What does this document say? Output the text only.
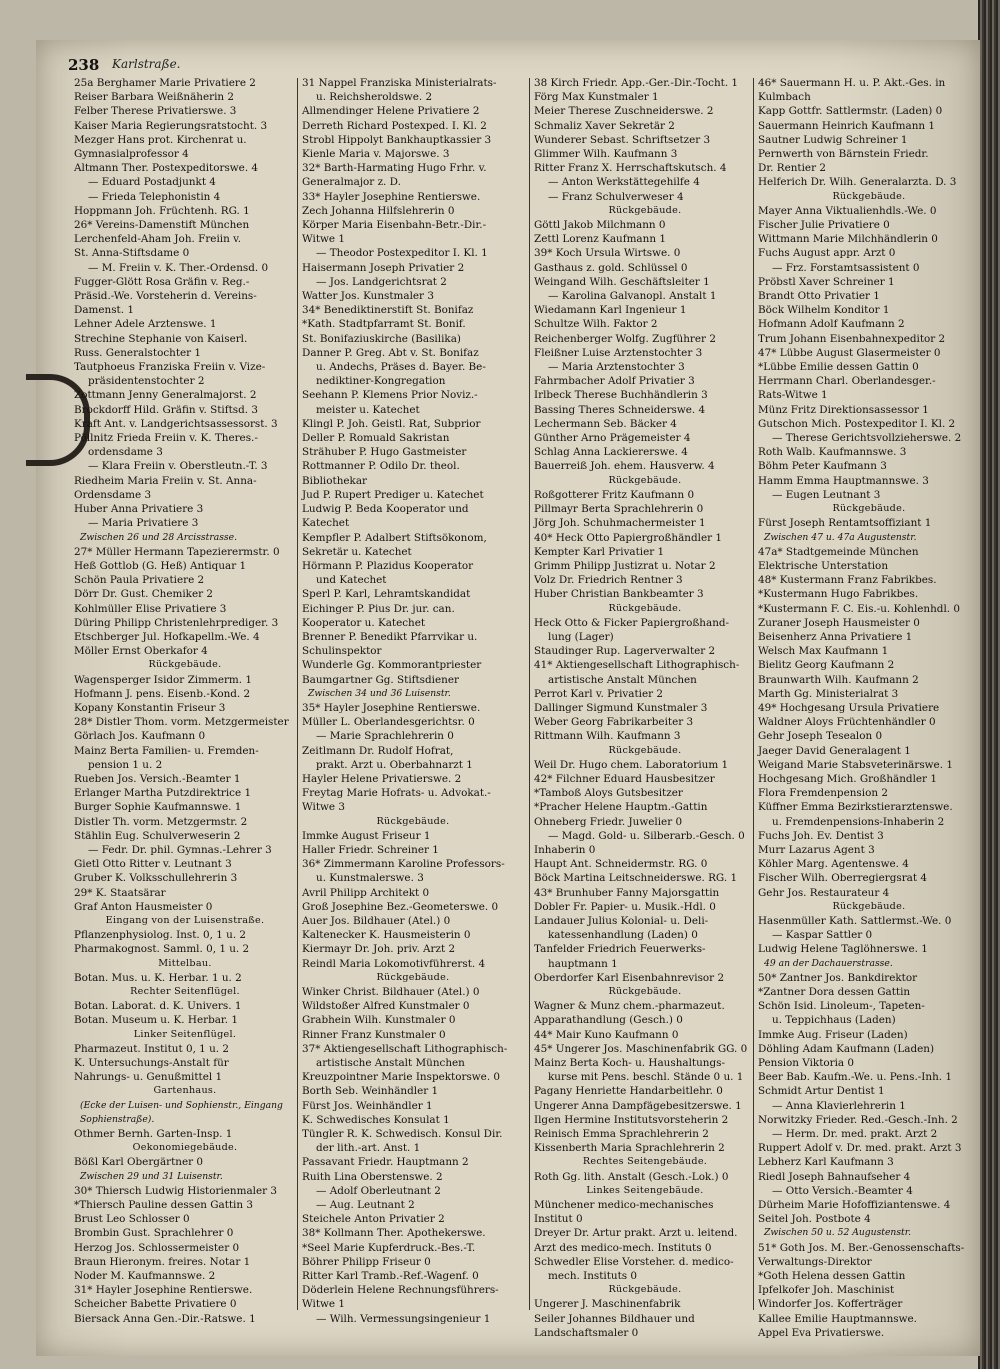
238 Karlstraße.
25a Berghamer Marie Privatiere 2
Reiser Barbara Weißnäherin 2
Felber Therese Privatierswe. 3
Kaiser Maria Regierungsratstocht. 3
Mezger Hans prot. Kirchenrat u.
Gymnasialprofessor 4
Altmann Ther. Postexpeditorswe. 4
— Eduard Postadjunkt 4
— Frieda Telephonistin 4
Hoppmann Joh. Früchtenh. RG. 1
26* Vereins-Damenstift München
Lerchenfeld-Aham Joh. Freiin v.
St. Anna-Stiftsdame 0
— M. Freiin v. K. Ther.-Ordensd. 0
Fugger-Glött Rosa Gräfin v. Reg.-
Präsid.-We. Vorsteherin d. Vereins-
Damenst. 1
Lehner Adele Arztenswe. 1
Strechine Stephanie von Kaiserl.
Russ. Generalstochter 1
Tautphoeus Franziska Freiin v. Vize-
präsidentenstochter 2
Zottmann Jenny Generalmajorst. 2
Brockdorff Hild. Gräfin v. Stiftsd. 3
Kraft Ant. v. Landgerichtsassessorst. 3
Pöllnitz Frieda Freiin v. K. Theres.-
ordensdame 3
— Klara Freiin v. Oberstleutn.-T. 3
Riedheim Maria Freiin v. St. Anna-
Ordensdame 3
Huber Anna Privatiere 3
— Maria Privatiere 3
Zwischen 26 und 28 Arcisstrasse.
27* Müller Hermann Tapezierermstr. 0
Heß Gottlob (G. Heß) Antiquar 1
Schön Paula Privatiere 2
Dörr Dr. Gust. Chemiker 2
Kohlmüller Elise Privatiere 3
Düring Philipp Christenlehrprediger. 3
Etschberger Jul. Hofkapellm.-We. 4
Möller Ernst Oberkafor 4
Rückgebäude.
Wagensperger Isidor Zimmerm. 1
Hofmann J. pens. Eisenb.-Kond. 2
Kopany Konstantin Friseur 3
28* Distler Thom. vorm. Metzgermeister
Görlach Jos. Kaufmann 0
Mainz Berta Familien- u. Fremden-
pension 1 u. 2
Rueben Jos. Versich.-Beamter 1
Erlanger Martha Putzdirektrice 1
Burger Sophie Kaufmannswe. 1
Distler Th. vorm. Metzgermstr. 2
Stählin Eug. Schulverweserin 2
— Fedr. Dr. phil. Gymnas.-Lehrer 3
Gietl Otto Ritter v. Leutnant 3
Gruber K. Volksschullehrerin 3
29* K. Staatsärar
Graf Anton Hausmeister 0
Eingang von der Luisenstraße.
Pflanzenphysiolog. Inst. 0, 1 u. 2
Pharmakognost. Samml. 0, 1 u. 2
Mittelbau.
Botan. Mus. u. K. Herbar. 1 u. 2
Rechter Seitenflügel.
Botan. Laborat. d. K. Univers. 1
Botan. Museum u. K. Herbar. 1
Linker Seitenflügel.
Pharmazeut. Institut 0, 1 u. 2
K. Untersuchungs-Anstalt für
Nahrungs- u. Genußmittel 1
Gartenhaus.
(Ecke der Luisen- und Sophienstr., Eingang
Sophienstraße).
Othmer Bernh. Garten-Insp. 1
Oekonomiegebäude.
Bößl Karl Obergärtner 0
Zwischen 29 und 31 Luisenstr.
30* Thiersch Ludwig Historienmaler 3
*Thiersch Pauline dessen Gattin 3
Brust Leo Schlosser 0
Brombin Gust. Sprachlehrer 0
Herzog Jos. Schlossermeister 0
Braun Hieronym. freires. Notar 1
Noder M. Kaufmannswe. 2
31* Hayler Josephine Rentierswe.
Scheicher Babette Privatiere 0
Biersack Anna Gen.-Dir.-Ratswe. 1
31 Nappel Franziska Ministerialrats-
u. Reichsheroldswe. 2
Allmendinger Helene Privatiere 2
Derreth Richard Postexped. I. Kl. 2
Strobl Hippolyt Bankhauptkassier 3
Kienle Maria v. Majorswe. 3
32* Barth-Harmating Hugo Frhr. v.
Generalmajor z. D.
33* Hayler Josephine Rentierswe.
Zech Johanna Hilfslehrerin 0
Körper Maria Eisenbahn-Betr.-Dir.-
Witwe 1
— Theodor Postexpeditor I. Kl. 1
Haisermann Joseph Privatier 2
— Jos. Landgerichtsrat 2
Watter Jos. Kunstmaler 3
34* Benediktinerstift St. Bonifaz
*Kath. Stadtpfarramt St. Bonif.
St. Bonifaziuskirche (Basilika)
Danner P. Greg. Abt v. St. Bonifaz
u. Andechs, Präses d. Bayer. Be-
nediktiner-Kongregation
Seehann P. Klemens Prior Noviz.-
meister u. Katechet
Klingl P. Joh. Geistl. Rat, Subprior
Deller P. Romuald Sakristan
Strähuber P. Hugo Gastmeister
Rottmanner P. Odilo Dr. theol.
Bibliothekar
Jud P. Rupert Prediger u. Katechet
Ludwig P. Beda Kooperator und
Katechet
Kempfler P. Adalbert Stiftsökonom,
Sekretär u. Katechet
Hörmann P. Plazidus Kooperator
und Katechet
Sperl P. Karl, Lehramtskandidat
Eichinger P. Pius Dr. jur. can.
Kooperator u. Katechet
Brenner P. Benedikt Pfarrvikar u.
Schulinspektor
Wunderle Gg. Kommorantpriester
Baumgartner Gg. Stiftsdiener
Zwischen 34 und 36 Luisenstr.
35* Hayler Josephine Rentierswe.
Müller L. Oberlandesgerichtsr. 0
— Marie Sprachlehrerin 0
Zeitlmann Dr. Rudolf Hofrat,
prakt. Arzt u. Oberbahnarzt 1
Hayler Helene Privatierswe. 2
Freytag Marie Hofrats- u. Advokat.-
Witwe 3
Rückgebäude.
Immke August Friseur 1
Haller Friedr. Schreiner 1
36* Zimmermann Karoline Professors-
u. Kunstmalerswe. 3
Avril Philipp Architekt 0
Groß Josephine Bez.-Geometerswe. 0
Auer Jos. Bildhauer (Atel.) 0
Kaltenecker K. Hausmeisterin 0
Kiermayr Dr. Joh. priv. Arzt 2
Reindl Maria Lokomotivführerst. 4
Rückgebäude.
Winker Christ. Bildhauer (Atel.) 0
Wildstoßer Alfred Kunstmaler 0
Grabhein Wilh. Kunstmaler 0
Rinner Franz Kunstmaler 0
37* Aktiengesellschaft Lithographisch-
artistische Anstalt München
Kreuzpointner Marie Inspektorswe. 0
Borth Seb. Weinhändler 1
Fürst Jos. Weinhändler 1
K. Schwedisches Konsulat 1
Tüngler R. K. Schwedisch. Konsul Dir.
der lith.-art. Anst. 1
Passavant Friedr. Hauptmann 2
Ruith Lina Oberstenswe. 2
— Adolf Oberleutnant 2
— Aug. Leutnant 2
Steichele Anton Privatier 2
38* Kollmann Ther. Apothekerswe.
*Seel Marie Kupferdruck.-Bes.-T.
Böhrer Philipp Friseur 0
Ritter Karl Tramb.-Ref.-Wagenf. 0
Döderlein Helene Rechnungsführers-
Witwe 1
— Wilh. Vermessungsingenieur 1
38 Kirch Friedr. App.-Ger.-Dir.-Tocht. 1
Förg Max Kunstmaler 1
Meier Therese Zuschneiderswe. 2
Schmaliz Xaver Sekretär 2
Wunderer Sebast. Schriftsetzer 3
Glimmer Wilh. Kaufmann 3
Ritter Franz X. Herrschaftskutsch. 4
— Anton Werkstättegehilfe 4
— Franz Schulverweser 4
Rückgebäude.
Göttl Jakob Milchmann 0
Zettl Lorenz Kaufmann 1
39* Koch Ursula Wirtswe. 0
Gasthaus z. gold. Schlüssel 0
Weingand Wilh. Geschäftsleiter 1
— Karolina Galvanopl. Anstalt 1
Wiedamann Karl Ingenieur 1
Schultze Wilh. Faktor 2
Reichenberger Wolfg. Zugführer 2
Fleißner Luise Arztenstochter 3
— Maria Arztenstochter 3
Fahrmbacher Adolf Privatier 3
Irlbeck Therese Buchhändlerin 3
Bassing Theres Schneiderswe. 4
Lechermann Seb. Bäcker 4
Günther Arno Prägemeister 4
Schlag Anna Lackiererswe. 4
Bauerreiß Joh. ehem. Hausverw. 4
Rückgebäude.
Roßgotterer Fritz Kaufmann 0
Pillmayr Berta Sprachlehrerin 0
Jörg Joh. Schuhmachermeister 1
40* Heck Otto Papiergroßhändler 1
Kempter Karl Privatier 1
Grimm Philipp Justizrat u. Notar 2
Volz Dr. Friedrich Rentner 3
Huber Christian Bankbeamter 3
Rückgebäude.
Heck Otto & Ficker Papiergroßhand-
lung (Lager)
Staudinger Rup. Lagerverwalter 2
41* Aktiengesellschaft Lithographisch-
artistische Anstalt München
Perrot Karl v. Privatier 2
Dallinger Sigmund Kunstmaler 3
Weber Georg Fabrikarbeiter 3
Rittmann Wilh. Kaufmann 3
Rückgebäude.
Weil Dr. Hugo chem. Laboratorium 1
42* Filchner Eduard Hausbesitzer
*Tamboß Aloys Gutsbesitzer
*Pracher Helene Hauptm.-Gattin
Ohneberg Friedr. Juwelier 0
— Magd. Gold- u. Silberarb.-Gesch. 0
Inhaberin 0
Haupt Ant. Schneidermstr. RG. 0
Böck Martina Leitschneiderswe. RG. 1
43* Brunhuber Fanny Majorsgattin
Dobler Fr. Papier- u. Musik.-Hdl. 0
Landauer Julius Kolonial- u. Deli-
katessenhandlung (Laden) 0
Tanfelder Friedrich Feuerwerks-
hauptmann 1
Oberdorfer Karl Eisenbahnrevisor 2
Rückgebäude.
Wagner & Munz chem.-pharmazeut.
Apparathandlung (Gesch.) 0
44* Mair Kuno Kaufmann 0
45* Ungerer Jos. Maschinenfabrik GG. 0
Mainz Berta Koch- u. Haushaltungs-
kurse mit Pens. beschl. Stände 0 u. 1
Pagany Henriette Handarbeitlehr. 0
Ungerer Anna Dampfägebesitzerswe. 1
Ilgen Hermine Institutsvorsteherin 2
Reinisch Emma Sprachlehrerin 2
Kissenberth Maria Sprachlehrerin 2
Rechtes Seitengebäude.
Roth Gg. lith. Anstalt (Gesch.-Lok.) 0
Linkes Seitengebäude.
Münchener medico-mechanisches
Institut 0
Dreyer Dr. Artur prakt. Arzt u. leitend.
Arzt des medico-mech. Instituts 0
Schwedler Elise Vorsteher. d. medico-
mech. Instituts 0
Rückgebäude.
Ungerer J. Maschinenfabrik
Seiler Johannes Bildhauer und
Landschaftsmaler 0
46* Sauermann H. u. P. Akt.-Ges. in
Kulmbach
Kapp Gottfr. Sattlermstr. (Laden) 0
Sauermann Heinrich Kaufmann 1
Sautner Ludwig Schreiner 1
Pernwerth von Bärnstein Friedr.
Dr. Rentier 2
Helferich Dr. Wilh. Generalarzta. D. 3
Rückgebäude.
Mayer Anna Viktualienhdls.-We. 0
Fischer Julie Privatiere 0
Wittmann Marie Milchhändlerin 0
Fuchs August appr. Arzt 0
— Frz. Forstamtsassistent 0
Pröbstl Xaver Schreiner 1
Brandt Otto Privatier 1
Böck Wilhelm Konditor 1
Hofmann Adolf Kaufmann 2
Trum Johann Eisenbahnexpeditor 2
47* Lübbe August Glasermeister 0
*Lübbe Emilie dessen Gattin 0
Herrmann Charl. Oberlandesger.-
Rats-Witwe 1
Münz Fritz Direktionsassessor 1
Gutschon Mich. Postexpeditor I. Kl. 2
— Therese Gerichtsvollzieherswe. 2
Roth Walb. Kaufmannswe. 3
Böhm Peter Kaufmann 3
Hamm Emma Hauptmannswe. 3
— Eugen Leutnant 3
Rückgebäude.
Fürst Joseph Rentamtsoffiziant 1
Zwischen 47 u. 47a Augustenstr.
47a* Stadtgemeinde München
Elektrische Unterstation
48* Kustermann Franz Fabrikbes.
*Kustermann Hugo Fabrikbes.
*Kustermann F. C. Eis.-u. Kohlenhdl. 0
Zuraner Joseph Hausmeister 0
Beisenherz Anna Privatiere 1
Welsch Max Kaufmann 1
Bielitz Georg Kaufmann 2
Braunwarth Wilh. Kaufmann 2
Marth Gg. Ministerialrat 3
49* Hochgesang Ursula Privatiere
Waldner Aloys Früchtenhändler 0
Gehr Joseph Tesealon 0
Jaeger David Generalagent 1
Weigand Marie Stabsveterinärswe. 1
Hochgesang Mich. Großhändler 1
Flora Fremdenpension 2
Küffner Emma Bezirkstierarztenswe.
u. Fremdenpensions-Inhaberin 2
Fuchs Joh. Ev. Dentist 3
Murr Lazarus Agent 3
Köhler Marg. Agentenswe. 4
Fischer Wilh. Oberregiergsrat 4
Gehr Jos. Restaurateur 4
Rückgebäude.
Hasenmüller Kath. Sattlermst.-We. 0
— Kaspar Sattler 0
Ludwig Helene Taglöhnerswe. 1
49 an der Dachauerstrasse.
50* Zantner Jos. Bankdirektor
*Zantner Dora dessen Gattin
Schön Isid. Linoleum-, Tapeten-
u. Teppichhaus (Laden)
Immke Aug. Friseur (Laden)
Döhling Adam Kaufmann (Laden)
Pension Viktoria 0
Beer Bab. Kaufm.-We. u. Pens.-Inh. 1
Schmidt Artur Dentist 1
— Anna Klavierlehrerin 1
Norwitzky Frieder. Red.-Gesch.-Inh. 2
— Herm. Dr. med. prakt. Arzt 2
Ruppert Adolf v. Dr. med. prakt. Arzt 3
Lebherz Karl Kaufmann 3
Riedl Joseph Bahnaufseher 4
— Otto Versich.-Beamter 4
Dürheim Marie Hofoffiziantenswe. 4
Seitel Joh. Postbote 4
Zwischen 50 u. 52 Augustenstr.
51* Goth Jos. M. Ber.-Genossenschafts-
Verwaltungs-Direktor
*Goth Helena dessen Gattin
Ipfelkofer Joh. Maschinist
Windorfer Jos. Kofferträger
Kallee Emilie Hauptmannswe.
Appel Eva Privatierswe.
